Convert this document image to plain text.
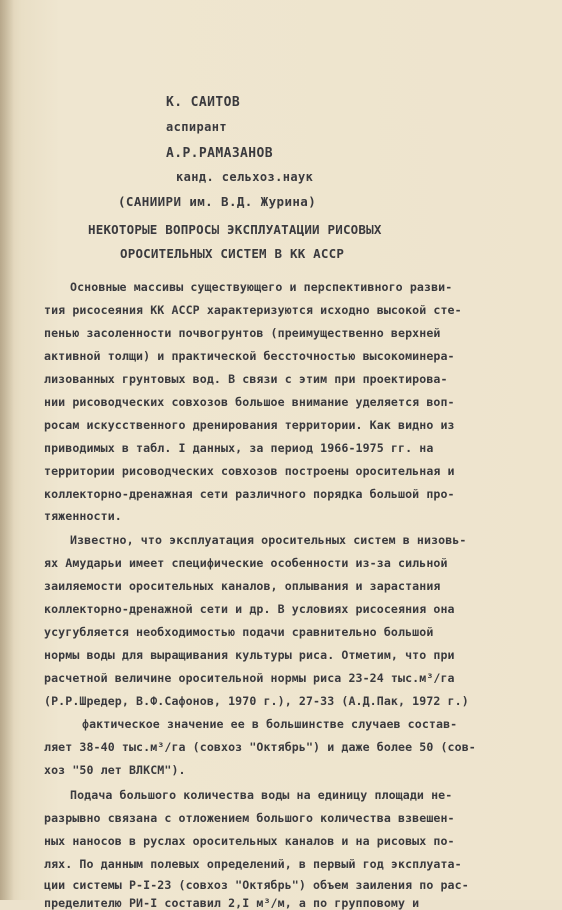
К. САИТОВ
аспирант
А.Р.РАМАЗАНОВ
канд. сельхоз.наук
(САНИИРИ им. В.Д. Журина)
НЕКОТОРЫЕ ВОПРОСЫ ЭКСПЛУАТАЦИИ РИСОВЫХ
ОРОСИТЕЛЬНЫХ СИСТЕМ В КК АССР
Основные массивы существующего и перспективного разви-
тия рисосеяния КК АССР характеризуются исходно высокой сте-
пенью засоленности почвогрунтов (преимущественно верхней
активной толщи) и практической бессточностью высокоминера-
лизованных грунтовых вод. В связи с этим при проектирова-
нии рисоводческих совхозов большое внимание уделяется воп-
росам искусственного дренирования территории. Как видно из
приводимых в табл. I данных, за период 1966-1975 гг. на
территории рисоводческих совхозов построены оросительная и
коллекторно-дренажная сети различного порядка большой про-
тяженности.
Известно, что эксплуатация оросительных систем в низовь-
ях Амударьи имеет специфические особенности из-за сильной
заиляемости оросительных каналов, оплывания и зарастания
коллекторно-дренажной сети и др. В условиях рисосеяния она
усугубляется необходимостью подачи сравнительно большой
нормы воды для выращивания культуры риса. Отметим, что при
расчетной величине оросительной нормы риса 23-24 тыс.м³/га
(Р.Р.Шредер, В.Ф.Сафонов, 1970 г.), 27-33 (А.Д.Пак, 1972 г.)
фактическое значение ее в большинстве случаев состав-
ляет 38-40 тыс.м³/га (совхоз "Октябрь") и даже более 50 (сов-
хоз "50 лет ВЛКСМ").
Подача большого количества воды на единицу площади не-
разрывно связана с отложением большого количества взвешен-
ных наносов в руслах оросительных каналов и на рисовых по-
лях. По данным полевых определений, в первый год эксплуата-
ции системы Р-I-23 (совхоз "Октябрь") объем заиления по рас-
пределителю РИ-I составил 2,I м³/м, а по групповому и
